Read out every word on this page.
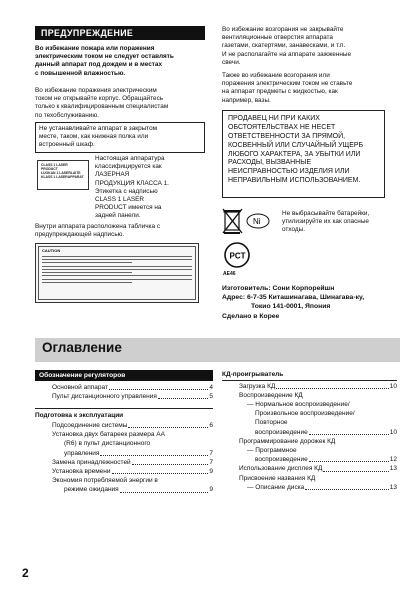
ПРЕДУПРЕЖДЕНИЕ

Во избежание пожара или поражения

электрическим током не следует оставлять

данный аппарат под дождем и в местах

с повышенной влажностью.

Во избежание поражения электрическим

током не открывайте корпус. Обращайтесь

только к квалифицированным специалистам

по техобслуживанию.

Не устанавливайте аппарат в закрытом

месте, таком, как книжная полка или

встроенный шкаф.

CLASS 1 LASER PRODUCT
LUOKAN 1 LASERLAITE
KLASS 1 LASERAPPARAT

Настоящая аппаратура

классифицируется как

ЛАЗЕРНАЯ

ПРОДУКЦИЯ КЛАССА 1.

Этикетка с надписью

CLASS 1 LASER

PRODUCT имеется на

задней панели.

Внутри аппарата расположена табличка с

предупреждающей надписью.

CAUTION

Во избежание возгорания не закрывайте

вентиляционные отверстия аппарата

газетами, скатертями, занавесками, и т.п.

И не располагайте на аппарате зажженные

свечи.

Также во избежание возгорания или

поражения электрическим током не ставьте

на аппарат предметы с жидкостью, как

например, вазы.

ПРОДАВЕЦ НИ ПРИ КАКИХ

ОБСТОЯТЕЛЬСТВАХ НЕ НЕСЕТ

ОТВЕТСТВЕННОСТИ ЗА ПРЯМОЙ,

КОСВЕННЫЙ ИЛИ СЛУЧАЙНЫЙ УЩЕРБ

ЛЮБОГО ХАРАКТЕРА, ЗА УБЫТКИ ИЛИ

РАСХОДЫ, ВЫЗВАННЫЕ

НЕИСПРАВНОСТЬЮ ИЗДЕЛИЯ ИЛИ

НЕПРАВИЛЬНЫМ ИСПОЛЬЗОВАНИЕМ.

Ni

Не выбрасывайте батарейки,

утилизируйте их как опасные

отходы.

PCT
AE46

Изготовитель: Сони Корпорейшн

Адрес: 6-7-35 Киташинагава, Шинагава-ку,

Токио 141-0001, Япония

Сделано в Корее

Оглавление
Обозначение регуляторов
Основной аппарат	4
Пульт дистанционного управления	5
Подготовка к эксплуатации
Подсоединение системы	6
Установка двух батареек размера AA
(R6) в пульт дистанционного
управления	7
Замена принадлежностей	7
Установка времени	9
Экономия потребляемой энергии в
режиме ожидания	9
КД-проигрыватель
Загрузка КД	10
Воспроизведение КД
— Нормальное воспроизведение/
Произвольное воспроизведение/
Повторное
воспроизведение	10
Программирование дорожек КД
— Программное
воспроизведение	12
Использование дисплея КД	13
Присвоение названия КД
— Описание диска	13
2
